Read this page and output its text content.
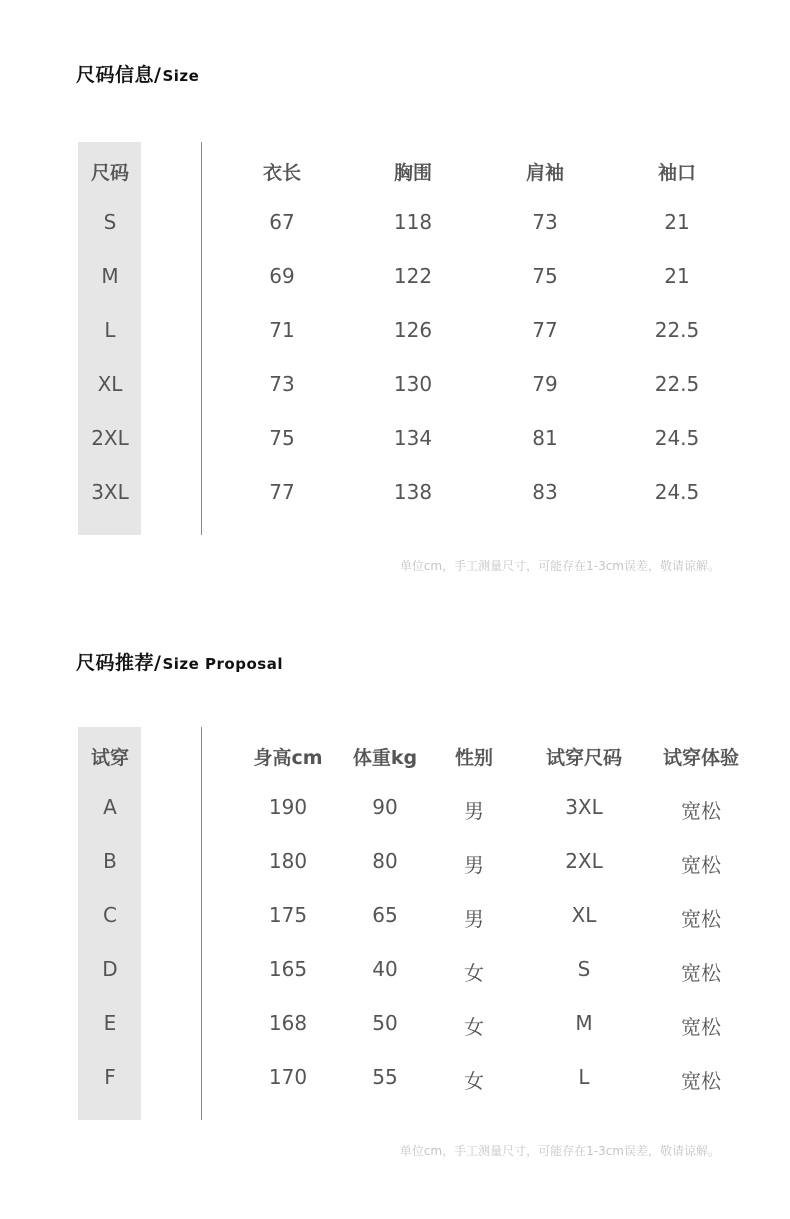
尺码信息/Size
尺码	衣长	胸围	肩袖	袖口
S	67	118	73	21
M	69	122	75	21
L	71	126	77	22.5
XL	73	130	79	22.5
2XL	75	134	81	24.5
3XL	77	138	83	24.5
单位cm，手工测量尺寸，可能存在1-3cm误差，敬请谅解。
尺码推荐/Size Proposal
试穿	身高cm	体重kg	性别	试穿尺码	试穿体验
A	190	90	男	3XL	宽松
B	180	80	男	2XL	宽松
C	175	65	男	XL	宽松
D	165	40	女	S	宽松
E	168	50	女	M	宽松
F	170	55	女	L	宽松
单位cm，手工测量尺寸，可能存在1-3cm误差，敬请谅解。
